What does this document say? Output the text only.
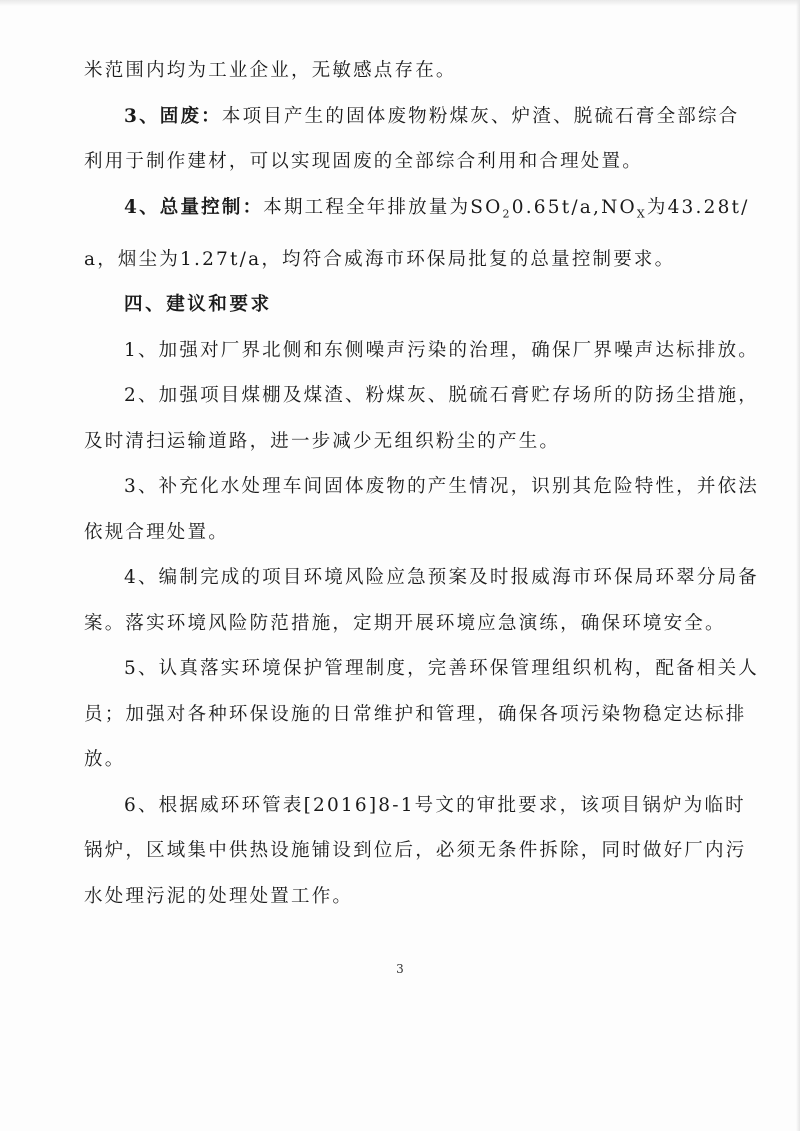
米范围内均为工业企业，无敏感点存在。

3、固废：本项目产生的固体废物粉煤灰、炉渣、脱硫石膏全部综合利用于制作建材，可以实现固废的全部综合利用和合理处置。

4、总量控制：本期工程全年排放量为$SO_20.65t/a,NO_X$为43.28t/a，烟尘为1.27t/a，均符合威海市环保局批复的总量控制要求。

四、建议和要求

1、加强对厂界北侧和东侧噪声污染的治理，确保厂界噪声达标排放。

2、加强项目煤棚及煤渣、粉煤灰、脱硫石膏贮存场所的防扬尘措施，及时清扫运输道路，进一步减少无组织粉尘的产生。

3、补充化水处理车间固体废物的产生情况，识别其危险特性，并依法依规合理处置。

4、编制完成的项目环境风险应急预案及时报威海市环保局环翠分局备案。落实环境风险防范措施，定期开展环境应急演练，确保环境安全。

5、认真落实环境保护管理制度，完善环保管理组织机构，配备相关人员；加强对各种环保设施的日常维护和管理，确保各项污染物稳定达标排放。

6、根据威环环管表[2016]8-1号文的审批要求，该项目锅炉为临时锅炉，区域集中供热设施铺设到位后，必须无条件拆除，同时做好厂内污水处理污泥的处理处置工作。

3
